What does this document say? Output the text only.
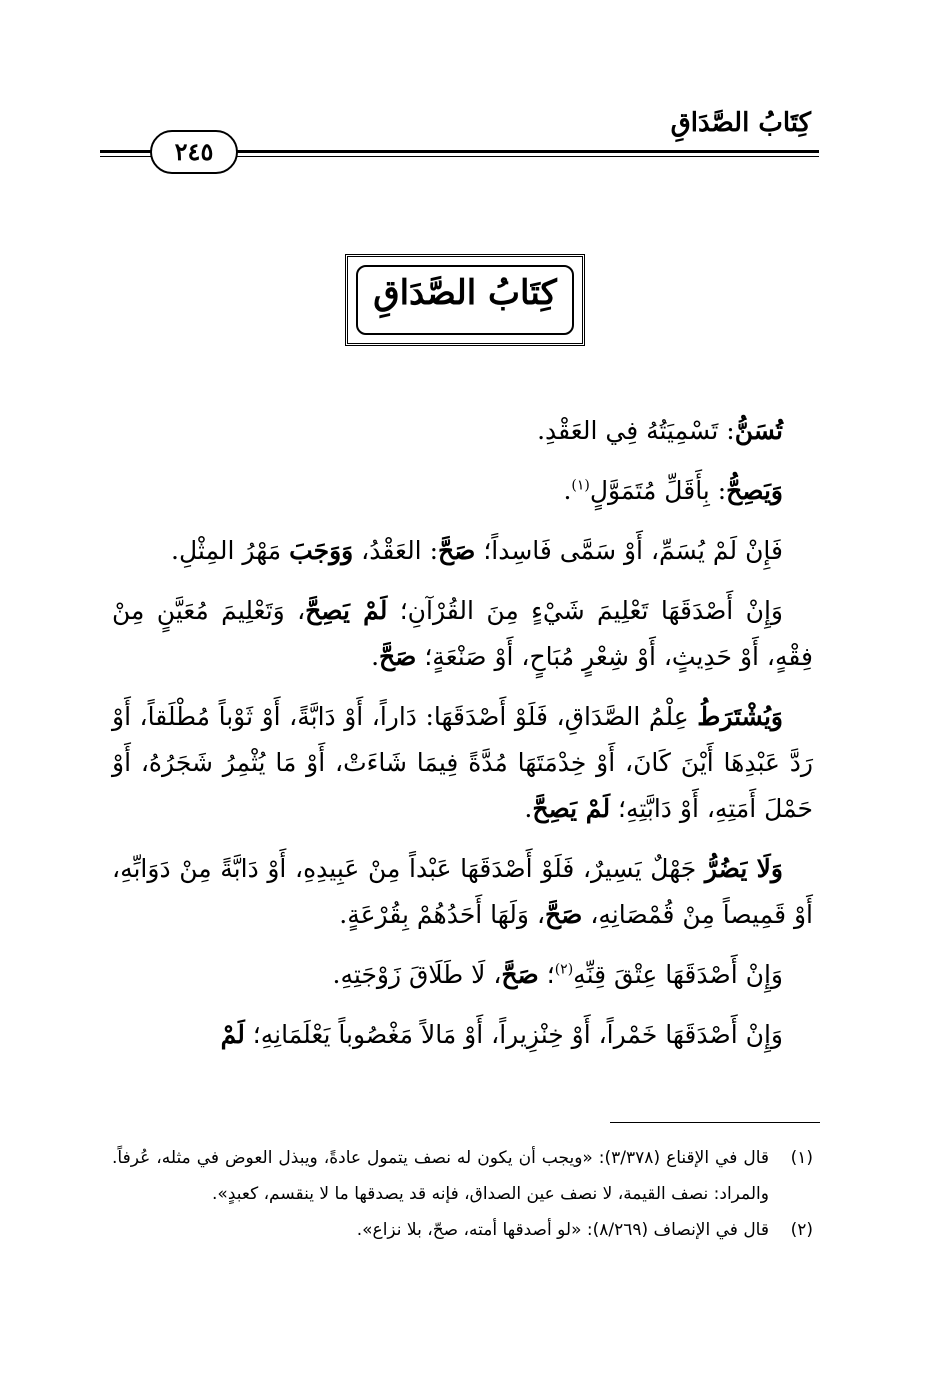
كِتَابُ الصَّدَاقِ
٢٤٥
كِتَابُ الصَّدَاقِ

تُسَنُّ: تَسْمِيَتُهُ فِي العَقْدِ.

وَيَصِحُّ: بِأَقَلِّ مُتَمَوَّلٍ$^{(١)}$.

فَإِنْ لَمْ يُسَمِّ، أَوْ سَمَّى فَاسِداً؛ صَحَّ: العَقْدُ، وَوَجَبَ مَهْرُ المِثْلِ.

وَإِنْ أَصْدَقَهَا تَعْلِيمَ شَيْءٍ مِنَ القُرْآنِ؛ لَمْ يَصِحَّ، وَتَعْلِيمَ مُعَيَّنٍ مِنْ فِقْهٍ، أَوْ حَدِيثٍ، أَوْ شِعْرٍ مُبَاحٍ، أَوْ صَنْعَةٍ؛ صَحَّ.

وَيُشْتَرَطُ عِلْمُ الصَّدَاقِ، فَلَوْ أَصْدَقَهَا: دَاراً، أَوْ دَابَّةً، أَوْ ثَوْباً مُطْلَقاً، أَوْ رَدَّ عَبْدِهَا أَيْنَ كَانَ، أَوْ خِدْمَتَهَا مُدَّةً فِيمَا شَاءَتْ، أَوْ مَا يُثْمِرُ شَجَرُهُ، أَوْ حَمْلَ أَمَتِهِ، أَوْ دَابَّتِهِ؛ لَمْ يَصِحَّ.

وَلَا يَضُرُّ جَهْلٌ يَسِيرٌ، فَلَوْ أَصْدَقَهَا عَبْداً مِنْ عَبِيدِهِ، أَوْ دَابَّةً مِنْ دَوَابِّهِ، أَوْ قَمِيصاً مِنْ قُمْصَانِهِ، صَحَّ، وَلَهَا أَحَدُهُمْ بِقُرْعَةٍ.

وَإِنْ أَصْدَقَهَا عِتْقَ قِنِّهِ$^{(٢)}$؛ صَحَّ، لَا طَلَاقَ زَوْجَتِهِ.

وَإِنْ أَصْدَقَهَا خَمْراً، أَوْ خِنْزِيراً، أَوْ مَالاً مَغْصُوباً يَعْلَمَانِهِ؛ لَمْ

(١)
قال في الإقناع (٣/٣٧٨): «ويجب أن يكون له نصف يتمول عادةً، ويبذل العوض في مثله، عُرفاً. والمراد: نصف القيمة، لا نصف عين الصداق، فإنه قد يصدقها ما لا ينقسم، كعبدٍ».

(٢)
قال في الإنصاف (٨/٢٦٩): «لو أصدقها أمته، صحّ، بلا نزاع».
